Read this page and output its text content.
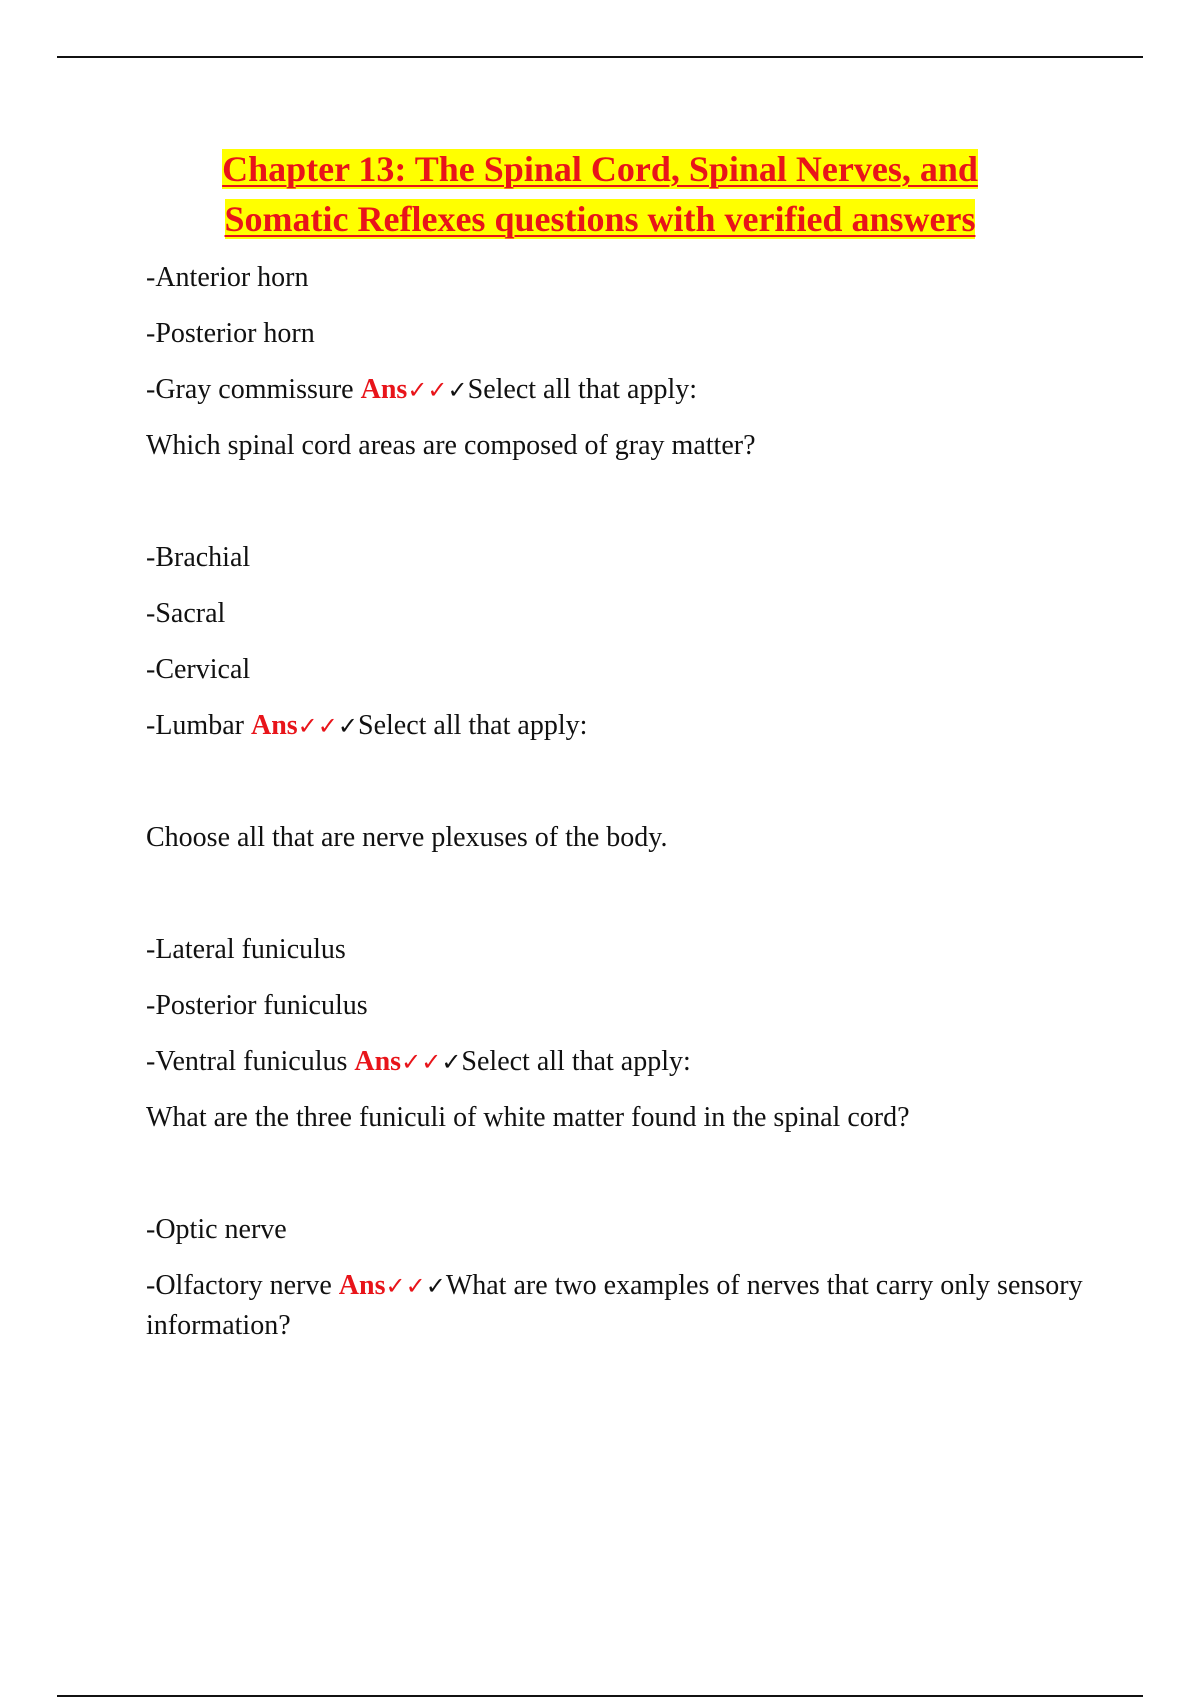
Chapter 13: The Spinal Cord, Spinal Nerves, and
Somatic Reflexes questions with verified answers
-Anterior horn
-Posterior horn
-Gray commissure Ans✓✓✓Select all that apply:
Which spinal cord areas are composed of gray matter?
-Brachial
-Sacral
-Cervical
-Lumbar Ans✓✓✓Select all that apply:
Choose all that are nerve plexuses of the body.
-Lateral funiculus
-Posterior funiculus
-Ventral funiculus Ans✓✓✓Select all that apply:
What are the three funiculi of white matter found in the spinal cord?
-Optic nerve
-Olfactory nerve Ans✓✓✓What are two examples of nerves that carry only sensory information?
